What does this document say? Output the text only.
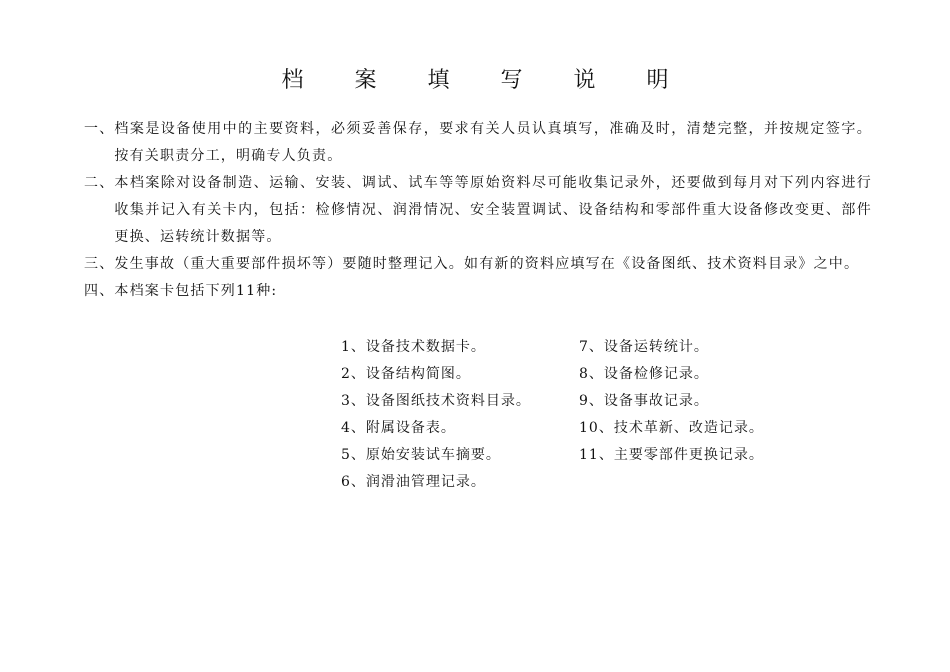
档 案 填 写 说 明
一、 档案是设备使用中的主要资料，必须妥善保存，要求有关人员认真填写，准确及时，清楚完整，并按规定签字。按有关职责分工，明确专人负责。
二、 本档案除对设备制造、运输、安装、调试、试车等等原始资料尽可能收集记录外，还要做到每月对下列内容进行收集并记入有关卡内，包括：检修情况、润滑情况、安全装置调试、设备结构和零部件重大设备修改变更、部件更换、运转统计数据等。
三、 发生事故（重大重要部件损坏等）要随时整理记入。如有新的资料应填写在《设备图纸、技术资料目录》之中。
四、 本档案卡包括下列11种:
1、设备技术数据卡。	7、设备运转统计。
2、设备结构简图。	8、设备检修记录。
3、设备图纸技术资料目录。	9、设备事故记录。
4、附属设备表。	10、技术革新、改造记录。
5、原始安装试车摘要。	11、主要零部件更换记录。
6、润滑油管理记录。
